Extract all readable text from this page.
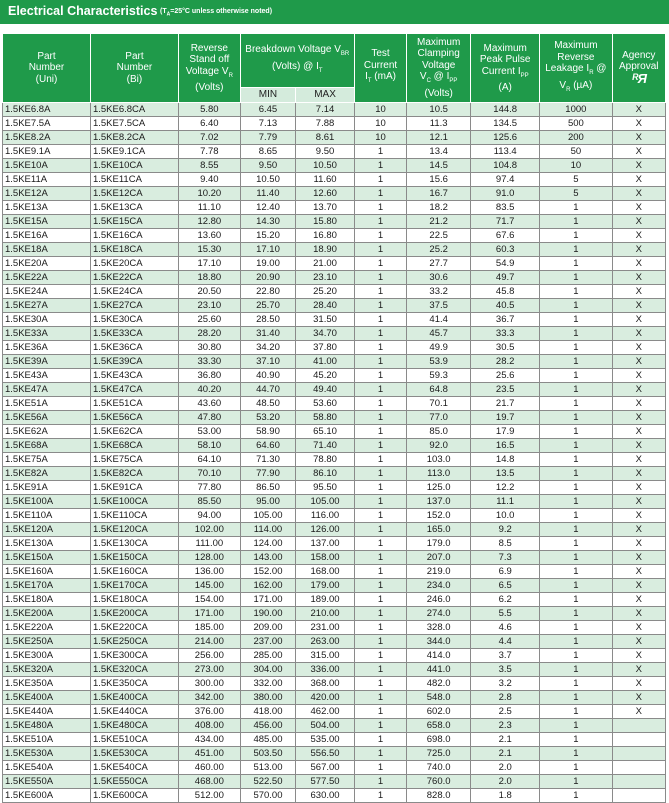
Electrical Characteristics ($T_A=25^\circ C$ unless otherwise noted)
Part
Number
(Uni)	Part
Number
(Bi)	Reverse
Stand off
Voltage $V_R$
(Volts)	Breakdown Voltage $V_{BR}$
(Volts) @ $I_T$		Test
Current
$I_T$ (mA)	Maximum
Clamping
Voltage
$V_C$ @ $I_{PP}$
(Volts)	Maximum
Peak Pulse
Current $I_{PP}$
(A)	Maximum
Reverse
Leakage $I_R$ @
$V_R$ (µA)	Agency
Approval
ᴿЯ
			MIN	MAX					
1.5KE6.8A	1.5KE6.8CA	5.80	6.45	7.14	10	10.5	144.8	1000	X
1.5KE7.5A	1.5KE7.5CA	6.40	7.13	7.88	10	11.3	134.5	500	X
1.5KE8.2A	1.5KE8.2CA	7.02	7.79	8.61	10	12.1	125.6	200	X
1.5KE9.1A	1.5KE9.1CA	7.78	8.65	9.50	1	13.4	113.4	50	X
1.5KE10A	1.5KE10CA	8.55	9.50	10.50	1	14.5	104.8	10	X
1.5KE11A	1.5KE11CA	9.40	10.50	11.60	1	15.6	97.4	5	X
1.5KE12A	1.5KE12CA	10.20	11.40	12.60	1	16.7	91.0	5	X
1.5KE13A	1.5KE13CA	11.10	12.40	13.70	1	18.2	83.5	1	X
1.5KE15A	1.5KE15CA	12.80	14.30	15.80	1	21.2	71.7	1	X
1.5KE16A	1.5KE16CA	13.60	15.20	16.80	1	22.5	67.6	1	X
1.5KE18A	1.5KE18CA	15.30	17.10	18.90	1	25.2	60.3	1	X
1.5KE20A	1.5KE20CA	17.10	19.00	21.00	1	27.7	54.9	1	X
1.5KE22A	1.5KE22CA	18.80	20.90	23.10	1	30.6	49.7	1	X
1.5KE24A	1.5KE24CA	20.50	22.80	25.20	1	33.2	45.8	1	X
1.5KE27A	1.5KE27CA	23.10	25.70	28.40	1	37.5	40.5	1	X
1.5KE30A	1.5KE30CA	25.60	28.50	31.50	1	41.4	36.7	1	X
1.5KE33A	1.5KE33CA	28.20	31.40	34.70	1	45.7	33.3	1	X
1.5KE36A	1.5KE36CA	30.80	34.20	37.80	1	49.9	30.5	1	X
1.5KE39A	1.5KE39CA	33.30	37.10	41.00	1	53.9	28.2	1	X
1.5KE43A	1.5KE43CA	36.80	40.90	45.20	1	59.3	25.6	1	X
1.5KE47A	1.5KE47CA	40.20	44.70	49.40	1	64.8	23.5	1	X
1.5KE51A	1.5KE51CA	43.60	48.50	53.60	1	70.1	21.7	1	X
1.5KE56A	1.5KE56CA	47.80	53.20	58.80	1	77.0	19.7	1	X
1.5KE62A	1.5KE62CA	53.00	58.90	65.10	1	85.0	17.9	1	X
1.5KE68A	1.5KE68CA	58.10	64.60	71.40	1	92.0	16.5	1	X
1.5KE75A	1.5KE75CA	64.10	71.30	78.80	1	103.0	14.8	1	X
1.5KE82A	1.5KE82CA	70.10	77.90	86.10	1	113.0	13.5	1	X
1.5KE91A	1.5KE91CA	77.80	86.50	95.50	1	125.0	12.2	1	X
1.5KE100A	1.5KE100CA	85.50	95.00	105.00	1	137.0	11.1	1	X
1.5KE110A	1.5KE110CA	94.00	105.00	116.00	1	152.0	10.0	1	X
1.5KE120A	1.5KE120CA	102.00	114.00	126.00	1	165.0	9.2	1	X
1.5KE130A	1.5KE130CA	111.00	124.00	137.00	1	179.0	8.5	1	X
1.5KE150A	1.5KE150CA	128.00	143.00	158.00	1	207.0	7.3	1	X
1.5KE160A	1.5KE160CA	136.00	152.00	168.00	1	219.0	6.9	1	X
1.5KE170A	1.5KE170CA	145.00	162.00	179.00	1	234.0	6.5	1	X
1.5KE180A	1.5KE180CA	154.00	171.00	189.00	1	246.0	6.2	1	X
1.5KE200A	1.5KE200CA	171.00	190.00	210.00	1	274.0	5.5	1	X
1.5KE220A	1.5KE220CA	185.00	209.00	231.00	1	328.0	4.6	1	X
1.5KE250A	1.5KE250CA	214.00	237.00	263.00	1	344.0	4.4	1	X
1.5KE300A	1.5KE300CA	256.00	285.00	315.00	1	414.0	3.7	1	X
1.5KE320A	1.5KE320CA	273.00	304.00	336.00	1	441.0	3.5	1	X
1.5KE350A	1.5KE350CA	300.00	332.00	368.00	1	482.0	3.2	1	X
1.5KE400A	1.5KE400CA	342.00	380.00	420.00	1	548.0	2.8	1	X
1.5KE440A	1.5KE440CA	376.00	418.00	462.00	1	602.0	2.5	1	X
1.5KE480A	1.5KE480CA	408.00	456.00	504.00	1	658.0	2.3	1	
1.5KE510A	1.5KE510CA	434.00	485.00	535.00	1	698.0	2.1	1	
1.5KE530A	1.5KE530CA	451.00	503.50	556.50	1	725.0	2.1	1	
1.5KE540A	1.5KE540CA	460.00	513.00	567.00	1	740.0	2.0	1	
1.5KE550A	1.5KE550CA	468.00	522.50	577.50	1	760.0	2.0	1	
1.5KE600A	1.5KE600CA	512.00	570.00	630.00	1	828.0	1.8	1	
